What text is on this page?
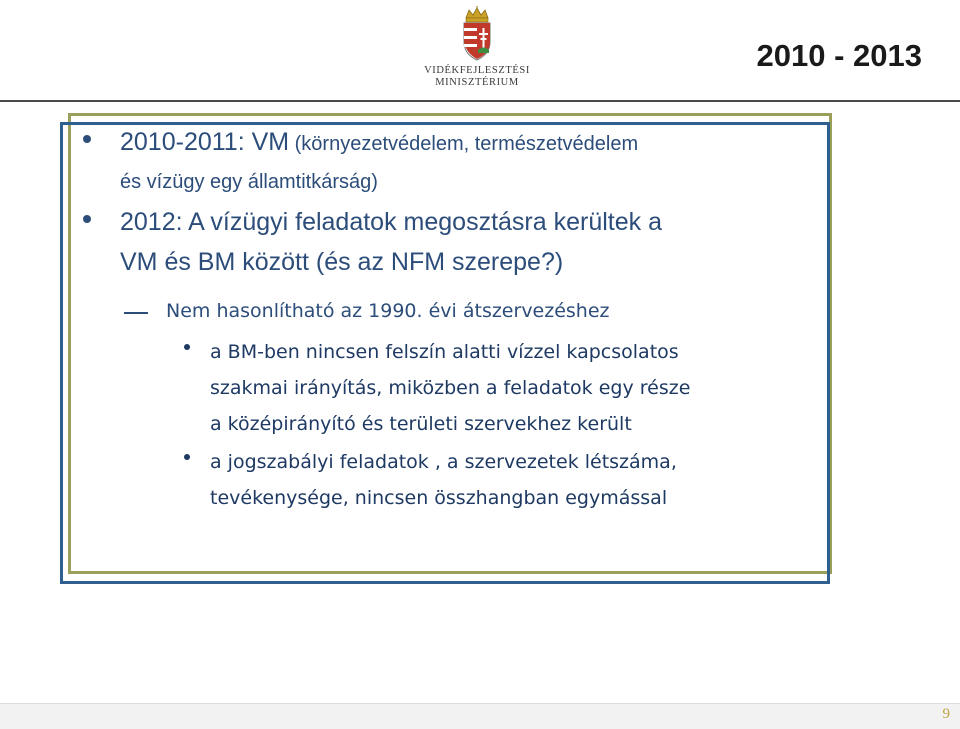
VIDÉKFEJLESZTÉSI
MINISZTÉRIUM
2010 - 2013
2010-2011: VM (környezetvédelem, természetvédelem
és vízügy egy államtitkárság)
2012: A vízügyi feladatok megosztásra kerültek a
VM és BM között (és az NFM szerepe?)
Nem hasonlítható az 1990. évi átszervezéshez
a BM-ben nincsen felszín alatti vízzel kapcsolatos
szakmai irányítás, miközben a feladatok egy része
a középirányító és területi szervekhez került
a jogszabályi feladatok , a szervezetek létszáma,
tevékenysége, nincsen összhangban egymással
9
